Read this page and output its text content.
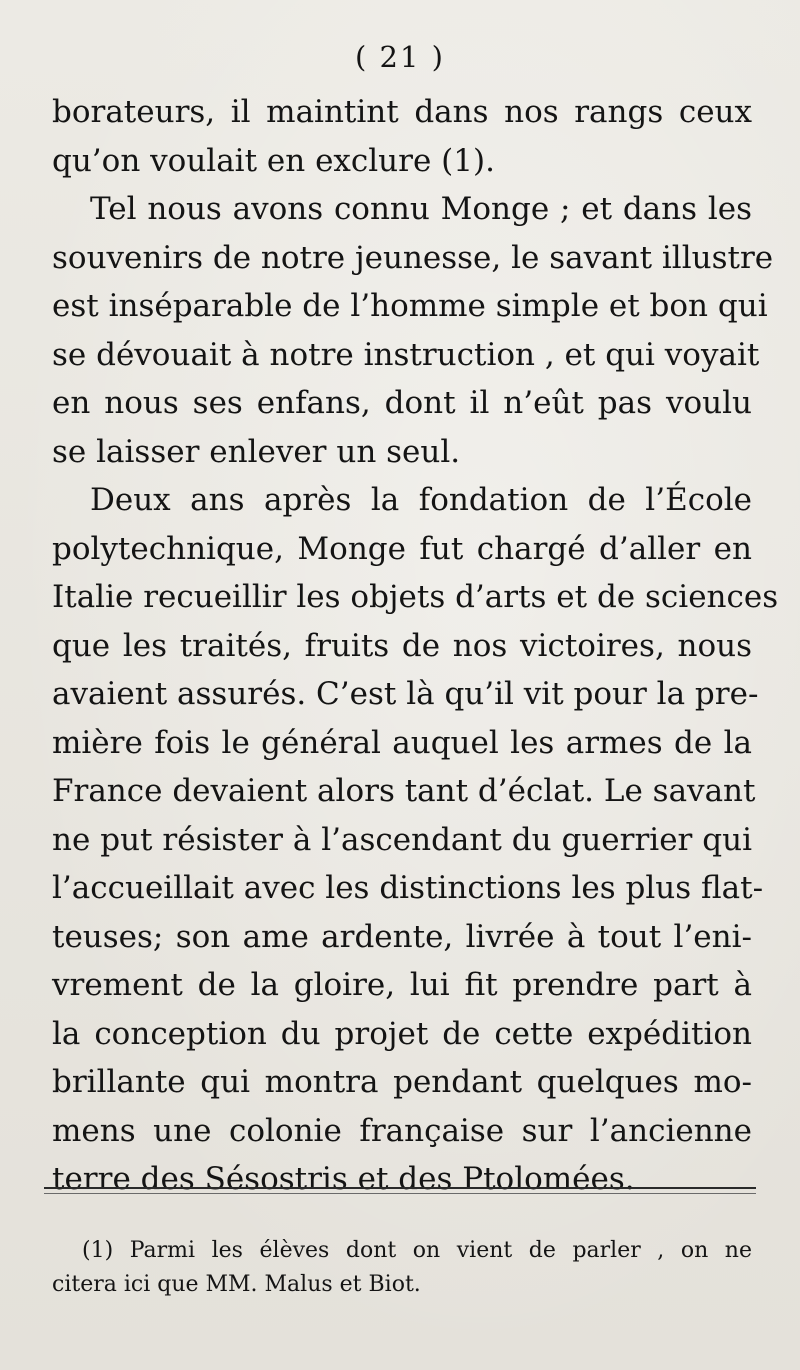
( 21 )
borateurs, il maintint dans nos rangs ceux
qu’on voulait en exclure (1).
Tel nous avons connu Monge ; et dans les
souvenirs de notre jeunesse, le savant illustre
est inséparable de l’homme simple et bon qui
se dévouait à notre instruction , et qui voyait
en nous ses enfans, dont il n’eût pas voulu
se laisser enlever un seul.
Deux ans après la fondation de l’École
polytechnique, Monge fut chargé d’aller en
Italie recueillir les objets d’arts et de sciences
que les traités, fruits de nos victoires, nous
avaient assurés. C’est là qu’il vit pour la pre-
mière fois le général auquel les armes de la
France devaient alors tant d’éclat. Le savant
ne put résister à l’ascendant du guerrier qui
l’accueillait avec les distinctions les plus flat-
teuses; son ame ardente, livrée à tout l’eni-
vrement de la gloire, lui fit prendre part à
la conception du projet de cette expédition
brillante qui montra pendant quelques mo-
mens une colonie française sur l’ancienne
terre des Sésostris et des Ptolomées.
(1) Parmi les élèves dont on vient de parler , on ne
citera ici que MM. Malus et Biot.
